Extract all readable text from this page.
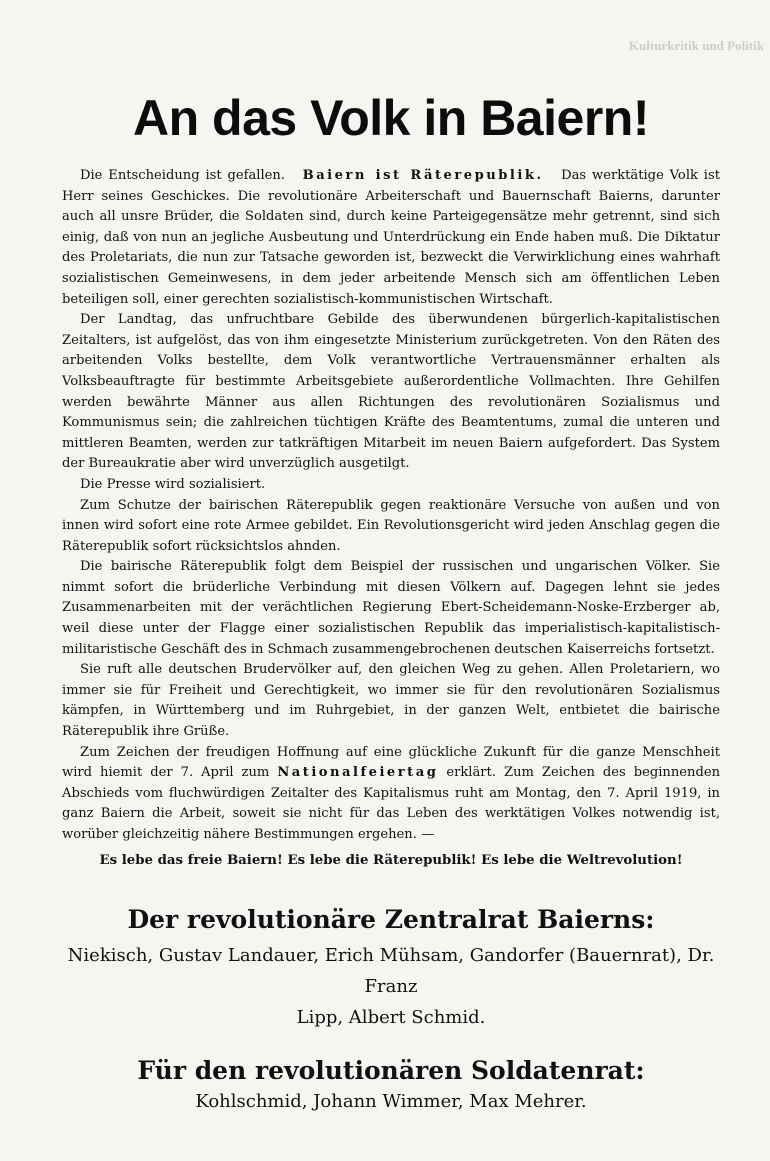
Kulturkritik und Politik
An das Volk in Baiern!

Die Entscheidung ist gefallen. Baiern ist Räterepublik. Das werktätige Volk ist Herr seines Geschickes. Die revolutionäre Arbeiterschaft und Bauernschaft Baierns, darunter auch all unsre Brüder, die Soldaten sind, durch keine Parteigegensätze mehr getrennt, sind sich einig, daß von nun an jegliche Ausbeutung und Unterdrückung ein Ende haben muß. Die Diktatur des Proletariats, die nun zur Tatsache geworden ist, bezweckt die Verwirklichung eines wahrhaft sozialistischen Gemeinwesens, in dem jeder arbeitende Mensch sich am öffentlichen Leben beteiligen soll, einer gerechten sozialistisch-kommunistischen Wirtschaft.

Der Landtag, das unfruchtbare Gebilde des überwundenen bürgerlich-kapitalistischen Zeitalters, ist aufgelöst, das von ihm eingesetzte Ministerium zurückgetreten. Von den Räten des arbeitenden Volks bestellte, dem Volk verantwortliche Vertrauensmänner erhalten als Volksbeauftragte für bestimmte Arbeitsgebiete außerordentliche Vollmachten. Ihre Gehilfen werden bewährte Männer aus allen Richtungen des revolutionären Sozialismus und Kommunismus sein; die zahlreichen tüchtigen Kräfte des Beamtentums, zumal die unteren und mittleren Beamten, werden zur tatkräftigen Mitarbeit im neuen Baiern aufgefordert. Das System der Bureaukratie aber wird unverzüglich ausgetilgt.

Die Presse wird sozialisiert.

Zum Schutze der bairischen Räterepublik gegen reaktionäre Versuche von außen und von innen wird sofort eine rote Armee gebildet. Ein Revolutionsgericht wird jeden Anschlag gegen die Räterepublik sofort rücksichtslos ahnden.

Die bairische Räterepublik folgt dem Beispiel der russischen und ungarischen Völker. Sie nimmt sofort die brüderliche Verbindung mit diesen Völkern auf. Dagegen lehnt sie jedes Zusammenarbeiten mit der verächtlichen Regierung Ebert-Scheidemann-Noske-Erzberger ab, weil diese unter der Flagge einer sozialistischen Republik das imperialistisch-kapitalistisch-militaristische Geschäft des in Schmach zusammengebrochenen deutschen Kaiserreichs fortsetzt.

Sie ruft alle deutschen Brudervölker auf, den gleichen Weg zu gehen. Allen Proletariern, wo immer sie für Freiheit und Gerechtigkeit, wo immer sie für den revolutionären Sozialismus kämpfen, in Württemberg und im Ruhrgebiet, in der ganzen Welt, entbietet die bairische Räterepublik ihre Grüße.

Zum Zeichen der freudigen Hoffnung auf eine glückliche Zukunft für die ganze Menschheit wird hiemit der 7. April zum Nationalfeiertag erklärt. Zum Zeichen des beginnenden Abschieds vom fluchwürdigen Zeitalter des Kapitalismus ruht am Montag, den 7. April 1919, in ganz Baiern die Arbeit, soweit sie nicht für das Leben des werktätigen Volkes notwendig ist, worüber gleichzeitig nähere Bestimmungen ergehen. —

Es lebe das freie Baiern! Es lebe die Räterepublik! Es lebe die Weltrevolution!
Der revolutionäre Zentralrat Baierns:
Niekisch, Gustav Landauer, Erich Mühsam, Gandorfer (Bauernrat), Dr. Franz
Lipp, Albert Schmid.
Für den revolutionären Soldatenrat:
Kohlschmid, Johann Wimmer, Max Mehrer.
